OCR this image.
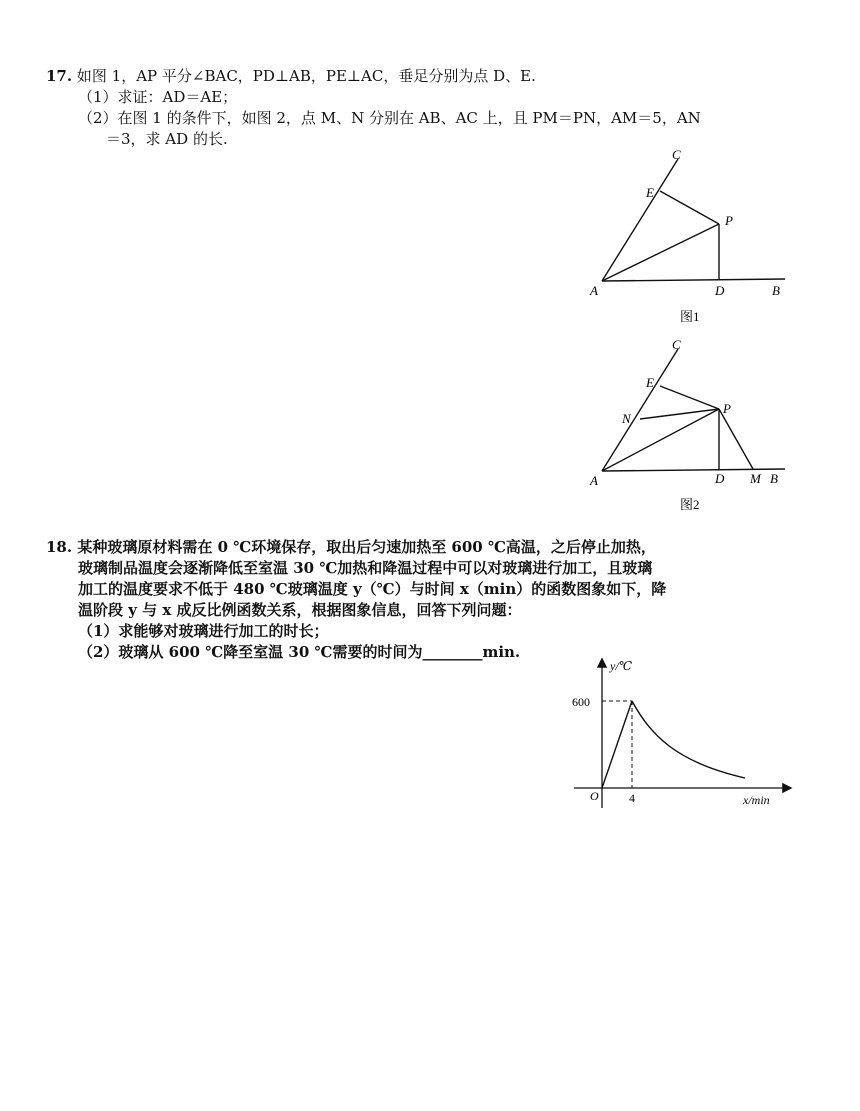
17. 如图 1，AP 平分∠BAC，PD⊥AB，PE⊥AC，垂足分别为点 D、E.
（1）求证：AD＝AE；
（2）在图 1 的条件下，如图 2，点 M、N 分别在 AB、AC 上，且 PM＝PN，AM＝5，AN
＝3，求 AD 的长.
A	B
C
D
E
P
图1
A	B
C
D
E
M
N
P
图2
18. 某种玻璃原材料需在 0 ℃环境保存，取出后匀速加热至 600 ℃高温，之后停止加热，
玻璃制品温度会逐渐降低至室温 30 ℃加热和降温过程中可以对玻璃进行加工，且玻璃
加工的温度要求不低于 480 ℃玻璃温度 y（℃）与时间 x（min）的函数图象如下，降
温阶段 y 与 x 成反比例函数关系，根据图象信息，回答下列问题：
（1）求能够对玻璃进行加工的时长；
（2）玻璃从 600 ℃降至室温 30 ℃需要的时间为________min.
y/℃
x/min
O
600
4
